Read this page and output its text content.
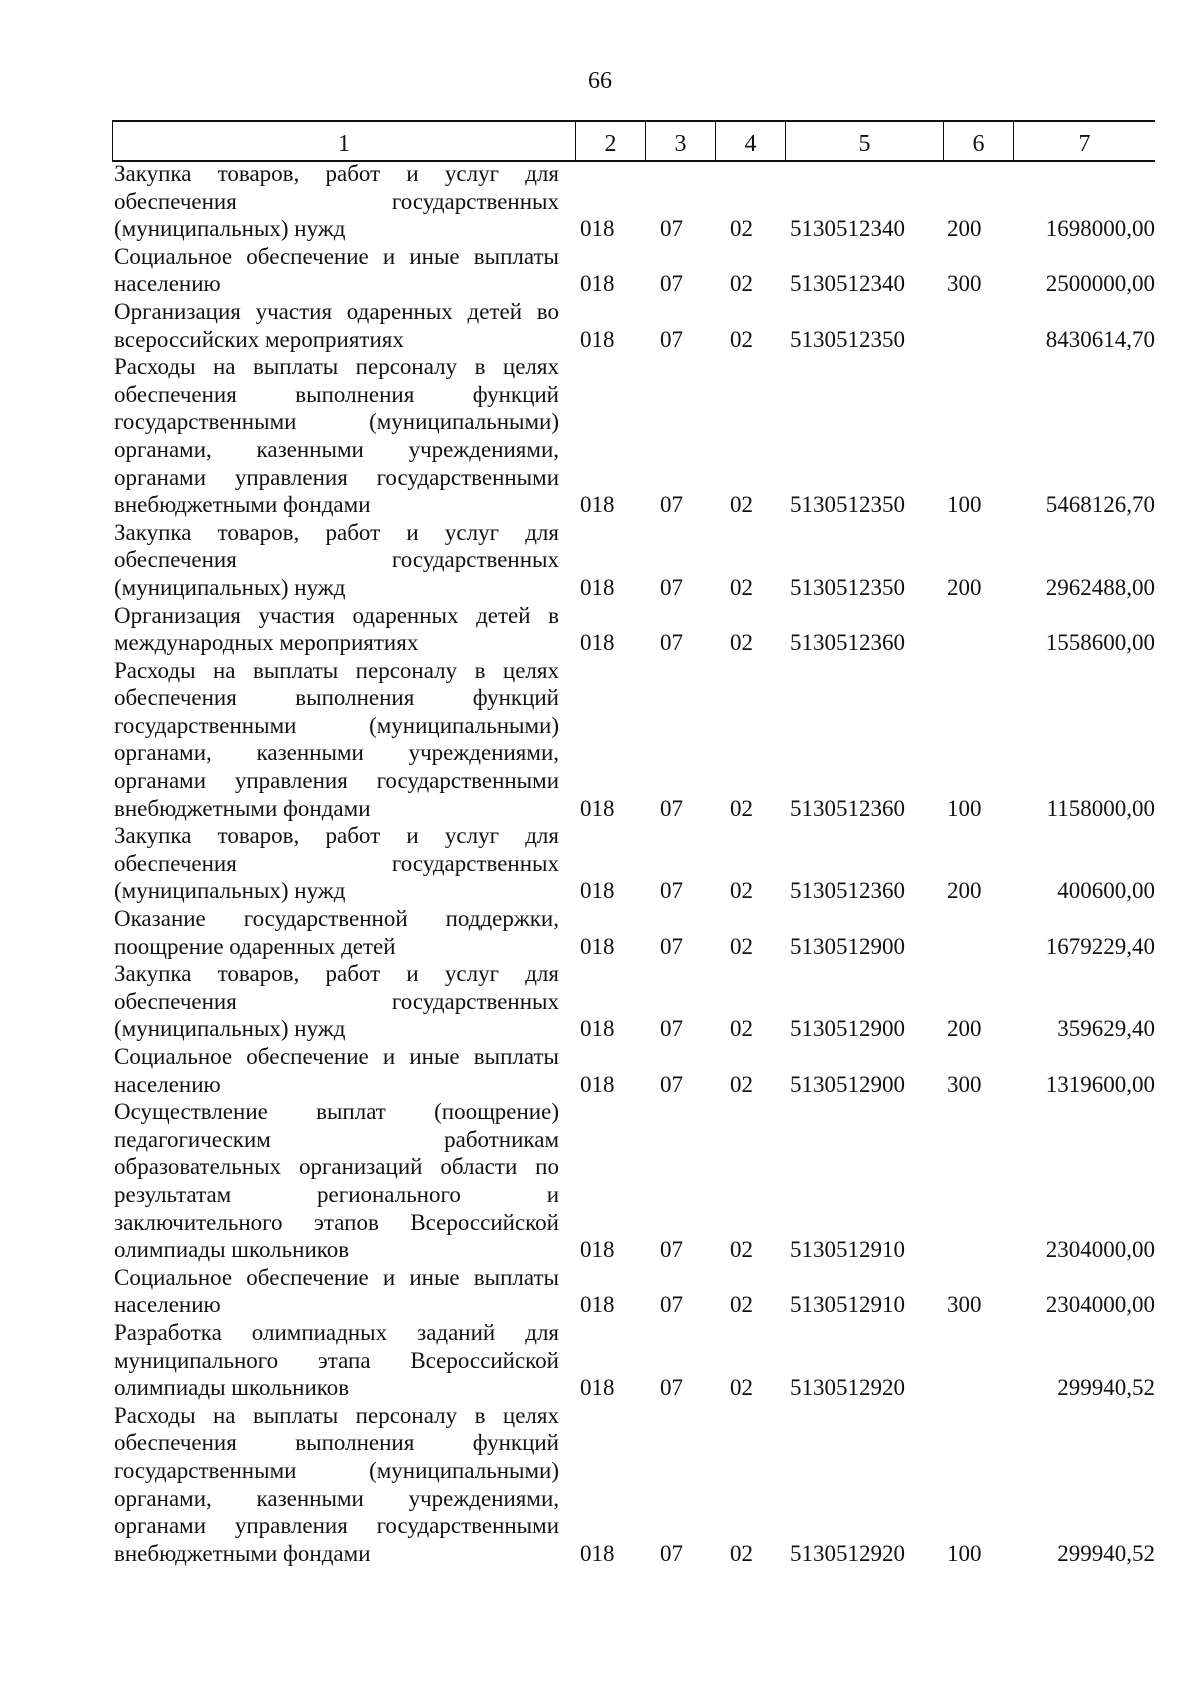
66
1	2	3	4	5	6	7
Закупка товаров, работ и услуг для обеспечения государственных (муниципальных) нужд	018 07 02 5130512340 200	1698000,00
Социальное обеспечение и иные выплаты населению	018 07 02 5130512340 300	2500000,00
Организация участия одаренных детей во всероссийских мероприятиях	018 07 02 5130512350	8430614,70
Расходы на выплаты персоналу в целях обеспечения выполнения функций государственными (муниципальными) органами, казенными учреждениями, органами управления государственными внебюджетными фондами	018 07 02 5130512350 100	5468126,70
Закупка товаров, работ и услуг для обеспечения государственных (муниципальных) нужд	018 07 02 5130512350 200	2962488,00
Организация участия одаренных детей в международных мероприятиях	018 07 02 5130512360	1558600,00
Расходы на выплаты персоналу в целях обеспечения выполнения функций государственными (муниципальными) органами, казенными учреждениями, органами управления государственными внебюджетными фондами	018 07 02 5130512360 100	1158000,00
Закупка товаров, работ и услуг для обеспечения государственных (муниципальных) нужд	018 07 02 5130512360 200	400600,00
Оказание государственной поддержки, поощрение одаренных детей	018 07 02 5130512900	1679229,40
Закупка товаров, работ и услуг для обеспечения государственных (муниципальных) нужд	018 07 02 5130512900 200	359629,40
Социальное обеспечение и иные выплаты населению	018 07 02 5130512900 300	1319600,00
Осуществление выплат (поощрение) педагогическим работникам образовательных организаций области по результатам регионального и заключительного этапов Всероссийской олимпиады школьников	018 07 02 5130512910	2304000,00
Социальное обеспечение и иные выплаты населению	018 07 02 5130512910 300	2304000,00
Разработка олимпиадных заданий для муниципального этапа Всероссийской олимпиады школьников	018 07 02 5130512920	299940,52
Расходы на выплаты персоналу в целях обеспечения выполнения функций государственными (муниципальными) органами, казенными учреждениями, органами управления государственными внебюджетными фондами	018 07 02 5130512920 100	299940,52
